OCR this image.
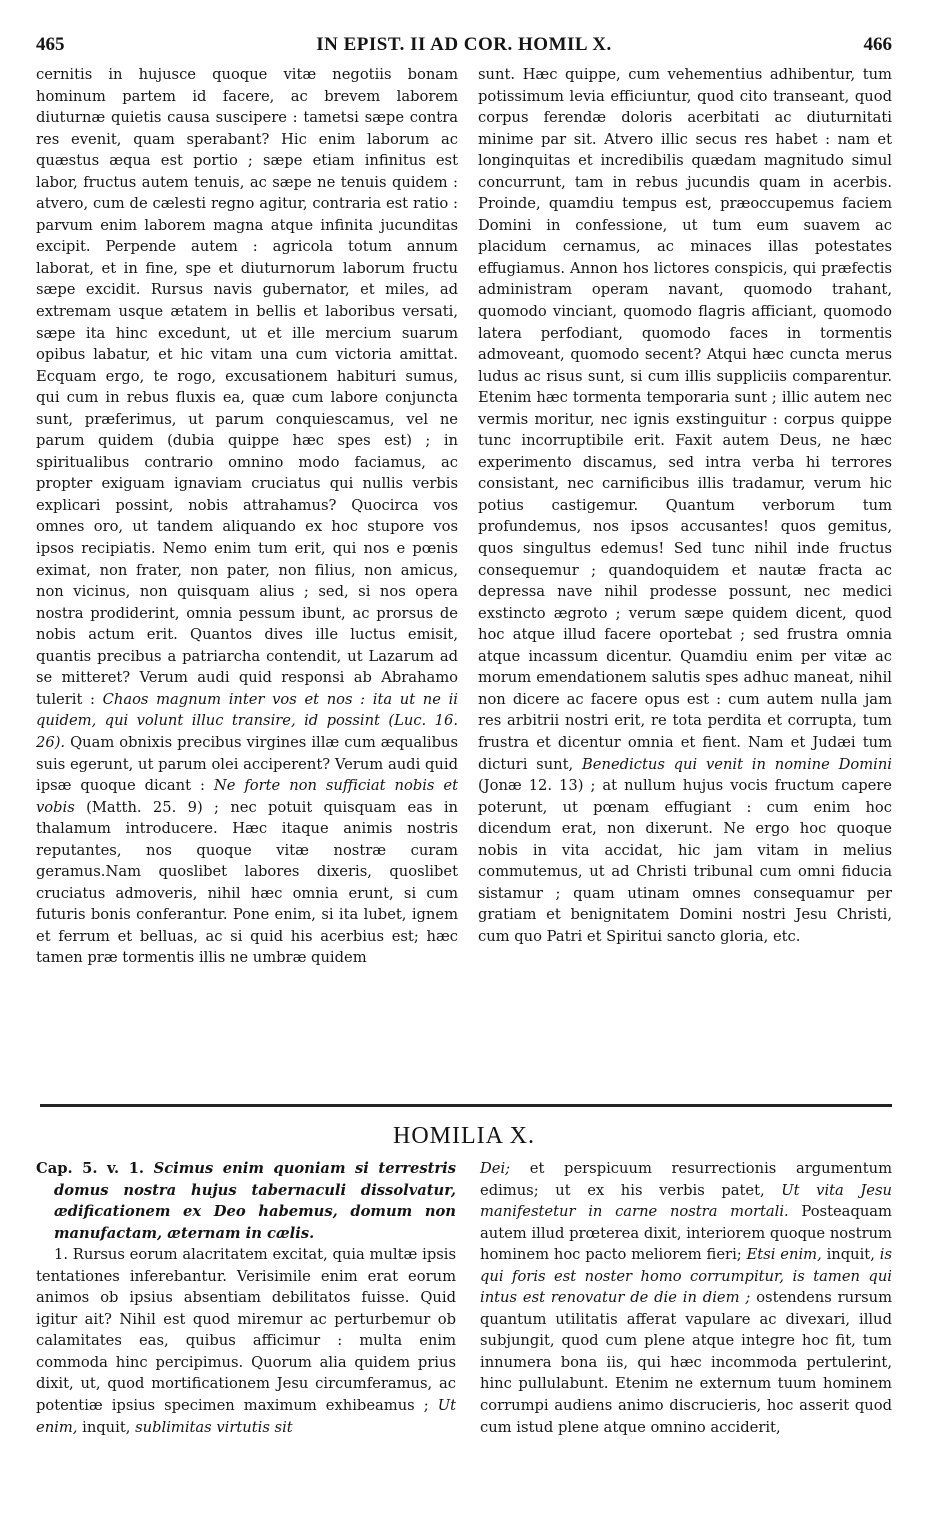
465	IN EPIST. II AD COR. HOMIL X.	466

cernitis in hujusce quoque vitæ negotiis bonam hominum partem id facere, ac brevem laborem diuturnæ quietis causa suscipere : tametsi sæpe contra res evenit, quam sperabant? Hic enim laborum ac quæstus æqua est portio ; sæpe etiam infinitus est labor, fructus autem tenuis, ac sæpe ne tenuis quidem : atvero, cum de cælesti regno agitur, contraria est ratio : parvum enim laborem magna atque infinita jucunditas excipit. Perpende autem : agricola totum annum laborat, et in fine, spe et diuturnorum laborum fructu sæpe excidit. Rursus navis gubernator, et miles, ad extremam usque ætatem in bellis et laboribus versati, sæpe ita hinc excedunt, ut et ille mercium suarum opibus labatur, et hic vitam una cum victoria amittat. Ecquam ergo, te rogo, excusationem habituri sumus, qui cum in rebus fluxis ea, quæ cum labore conjuncta sunt, præferimus, ut parum conquiescamus, vel ne parum quidem (dubia quippe hæc spes est) ; in spiritualibus contrario omnino modo faciamus, ac propter exiguam ignaviam cruciatus qui nullis verbis explicari possint, nobis attrahamus? Quocirca vos omnes oro, ut tandem aliquando ex hoc stupore vos ipsos recipiatis. Nemo enim tum erit, qui nos e pœnis eximat, non frater, non pater, non filius, non amicus, non vicinus, non quisquam alius ; sed, si nos opera nostra prodiderint, omnia pessum ibunt, ac prorsus de nobis actum erit. Quantos dives ille luctus emisit, quantis precibus a patriarcha contendit, ut Lazarum ad se mitteret? Verum audi quid responsi ab Abrahamo tulerit : Chaos magnum inter vos et nos : ita ut ne ii quidem, qui volunt illuc transire, id possint (Luc. 16. 26). Quam obnixis precibus virgines illæ cum æqualibus suis egerunt, ut parum olei acciperent? Verum audi quid ipsæ quoque dicant : Ne forte non sufficiat nobis et vobis (Matth. 25. 9) ; nec potuit quisquam eas in thalamum introducere. Hæc itaque animis nostris reputantes, nos quoque vitæ nostræ curam geramus.Nam quoslibet labores dixeris, quoslibet cruciatus admoveris, nihil hæc omnia erunt, si cum futuris bonis conferantur. Pone enim, si ita lubet, ignem et ferrum et belluas, ac si quid his acerbius est; hæc tamen præ tormentis illis ne umbræ quidem

sunt. Hæc quippe, cum vehementius adhibentur, tum potissimum levia efficiuntur, quod cito transeant, quod corpus ferendæ doloris acerbitati ac diuturnitati minime par sit. Atvero illic secus res habet : nam et longinquitas et incredibilis quædam magnitudo simul concurrunt, tam in rebus jucundis quam in acerbis. Proinde, quamdiu tempus est, præoccupemus faciem Domini in confessione, ut tum eum suavem ac placidum cernamus, ac minaces illas potestates effugiamus. Annon hos lictores conspicis, qui præfectis administram operam navant, quomodo trahant, quomodo vinciant, quomodo flagris afficiant, quomodo latera perfodiant, quomodo faces in tormentis admoveant, quomodo secent? Atqui hæc cuncta merus ludus ac risus sunt, si cum illis suppliciis comparentur. Etenim hæc tormenta temporaria sunt ; illic autem nec vermis moritur, nec ignis exstinguitur : corpus quippe tunc incorruptibile erit. Faxit autem Deus, ne hæc experimento discamus, sed intra verba hi terrores consistant, nec carnificibus illis tradamur, verum hic potius castigemur. Quantum verborum tum profundemus, nos ipsos accusantes! quos gemitus, quos singultus edemus! Sed tunc nihil inde fructus consequemur ; quandoquidem et nautæ fracta ac depressa nave nihil prodesse possunt, nec medici exstincto ægroto ; verum sæpe quidem dicent, quod hoc atque illud facere oportebat ; sed frustra omnia atque incassum dicentur. Quamdiu enim per vitæ ac morum emendationem salutis spes adhuc maneat, nihil non dicere ac facere opus est : cum autem nulla jam res arbitrii nostri erit, re tota perdita et corrupta, tum frustra et dicentur omnia et fient. Nam et Judæi tum dicturi sunt, Benedictus qui venit in nomine Domini (Jonæ 12. 13) ; at nullum hujus vocis fructum capere poterunt, ut pœnam effugiant : cum enim hoc dicendum erat, non dixerunt. Ne ergo hoc quoque nobis in vita accidat, hic jam vitam in melius commutemus, ut ad Christi tribunal cum omni fiducia sistamur ; quam utinam omnes consequamur per gratiam et benignitatem Domini nostri Jesu Christi, cum quo Patri et Spiritui sancto gloria, etc.

HOMILIA X.

Cap. 5. v. 1. Scimus enim quoniam si terrestris domus nostra hujus tabernaculi dissolvatur, ædificationem ex Deo habemus, domum non manufactam, æternam in cælis.

1. Rursus eorum alacritatem excitat, quia multæ ipsis tentationes inferebantur. Verisimile enim erat eorum animos ob ipsius absentiam debilitatos fuisse. Quid igitur ait? Nihil est quod miremur ac perturbemur ob calamitates eas, quibus afficimur : multa enim commoda hinc percipimus. Quorum alia quidem prius dixit, ut, quod mortificationem Jesu circumferamus, ac potentiæ ipsius specimen maximum exhibeamus ; Ut enim, inquit, sublimitas virtutis sit

Dei; et perspicuum resurrectionis argumentum edimus; ut ex his verbis patet, Ut vita Jesu manifestetur in carne nostra mortali. Posteaquam autem illud prœterea dixit, interiorem quoque nostrum hominem hoc pacto meliorem fieri; Etsi enim, inquit, is qui foris est noster homo corrumpitur, is tamen qui intus est renovatur de die in diem ; ostendens rursum quantum utilitatis afferat vapulare ac divexari, illud subjungit, quod cum plene atque integre hoc fit, tum innumera bona iis, qui hæc incommoda pertulerint, hinc pullulabunt. Etenim ne externum tuum hominem corrumpi audiens animo discrucieris, hoc asserit quod cum istud plene atque omnino acciderit,
